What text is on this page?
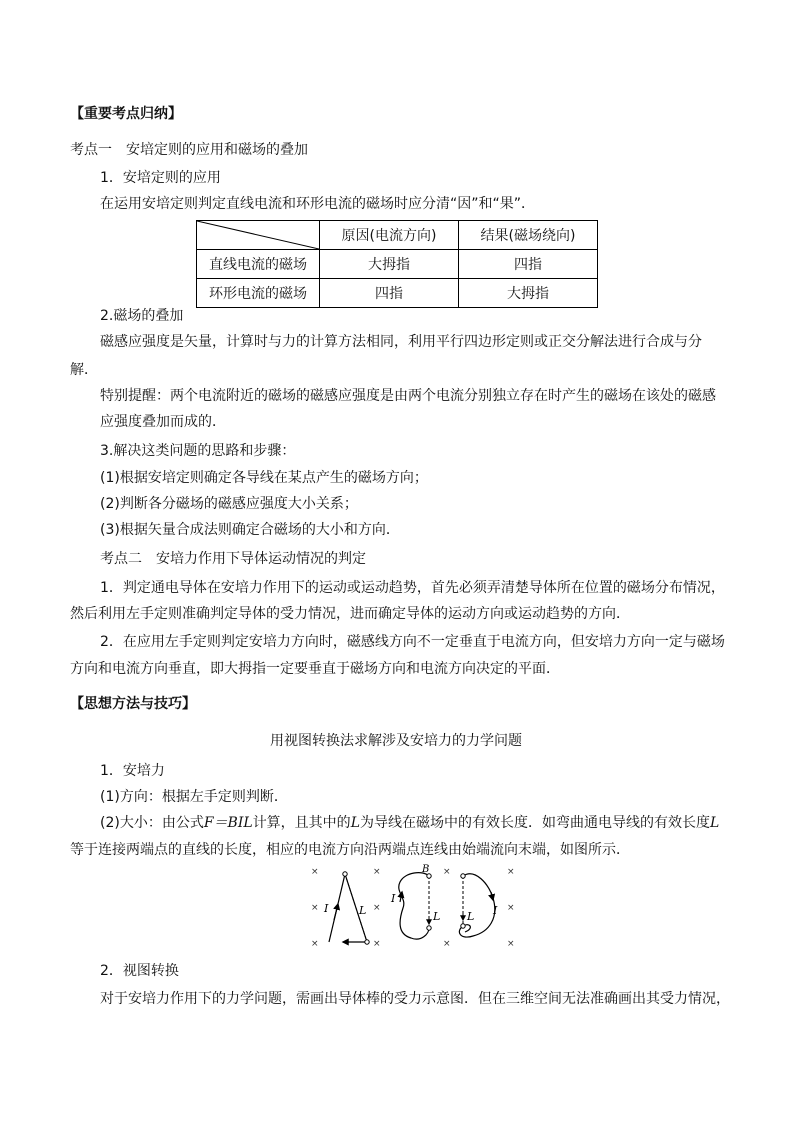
【重要考点归纳】
考点一　安培定则的应用和磁场的叠加
1．安培定则的应用
在运用安培定则判定直线电流和环形电流的磁场时应分清“因”和“果”．
	原因(电流方向)	结果(磁场绕向)
直线电流的磁场	大拇指	四指
环形电流的磁场	四指	大拇指
2.磁场的叠加
磁感应强度是矢量，计算时与力的计算方法相同，利用平行四边形定则或正交分解法进行合成与分
解．
特别提醒：两个电流附近的磁场的磁感应强度是由两个电流分别独立存在时产生的磁场在该处的磁感
应强度叠加而成的．
3.解决这类问题的思路和步骤：
(1)根据安培定则确定各导线在某点产生的磁场方向；
(2)判断各分磁场的磁感应强度大小关系；
(3)根据矢量合成法则确定合磁场的大小和方向．
考点二　安培力作用下导体运动情况的判定
1．判定通电导体在安培力作用下的运动或运动趋势，首先必须弄清楚导体所在位置的磁场分布情况，
然后利用左手定则准确判定导体的受力情况，进而确定导体的运动方向或运动趋势的方向．
2．在应用左手定则判定安培力方向时，磁感线方向不一定垂直于电流方向，但安培力方向一定与磁场
方向和电流方向垂直，即大拇指一定要垂直于磁场方向和电流方向决定的平面．
【思想方法与技巧】
用视图转换法求解涉及安培力的力学问题
1．安培力
(1)方向：根据左手定则判断．
(2)大小：由公式F＝BIL计算，且其中的L为导线在磁场中的有效长度．如弯曲通电导线的有效长度L
等于连接两端点的直线的长度，相应的电流方向沿两端点连线由始端流向末端，如图所示．
×
×
×
×
×
×
×
×
×
×
×
I	L
I
L
B
I
L
2．视图转换
对于安培力作用下的力学问题，需画出导体棒的受力示意图．但在三维空间无法准确画出其受力情况，
